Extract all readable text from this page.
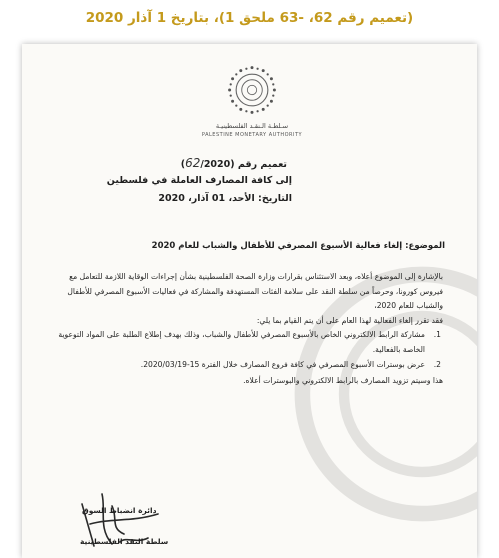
(تعميم رقم 62، -63 ملحق 1)، بتاريخ 1 آذار 2020
سـلطـة الـنقـد الفلسطينيـة
PALESTINE MONETARY AUTHORITY
تعميم رقم (62/2020)
إلى كافة المصارف العاملة في فلسطين
التاريخ: الأحد، 01 آذار، 2020
الموضوع: إلغاء فعالية الأسبوع المصرفي للأطفال والشباب للعام 2020

بالإشارة إلى الموضوع أعلاه، وبعد الاستئناس بقرارات وزارة الصحة الفلسطينية بشأن إجراءات الوقاية اللازمة للتعامل مع فيروس كورونا، وحرصاً من سلطة النقد على سلامة الفئات المستهدفة والمشاركة في فعاليات الأسبوع المصرفي للأطفال والشباب للعام 2020،

فقد تقرر إلغاء الفعالية لهذا العام على أن يتم القيام بما يلي:

1.
مشاركة الرابط الالكتروني الخاص بالأسبوع المصرفي للأطفال والشباب، وذلك بهدف إطلاع الطلبة على المواد التوعوية الخاصة بالفعالية.
2.
عرض بوسترات الأسبوع المصرفي في كافة فروع المصارف خلال الفترة 15-2020/03/19.

هذا وسيتم تزويد المصارف بالرابط الالكتروني والبوسترات أعلاه.

دائرة انضباط السوق
سلطة النقد الفلسطينية
